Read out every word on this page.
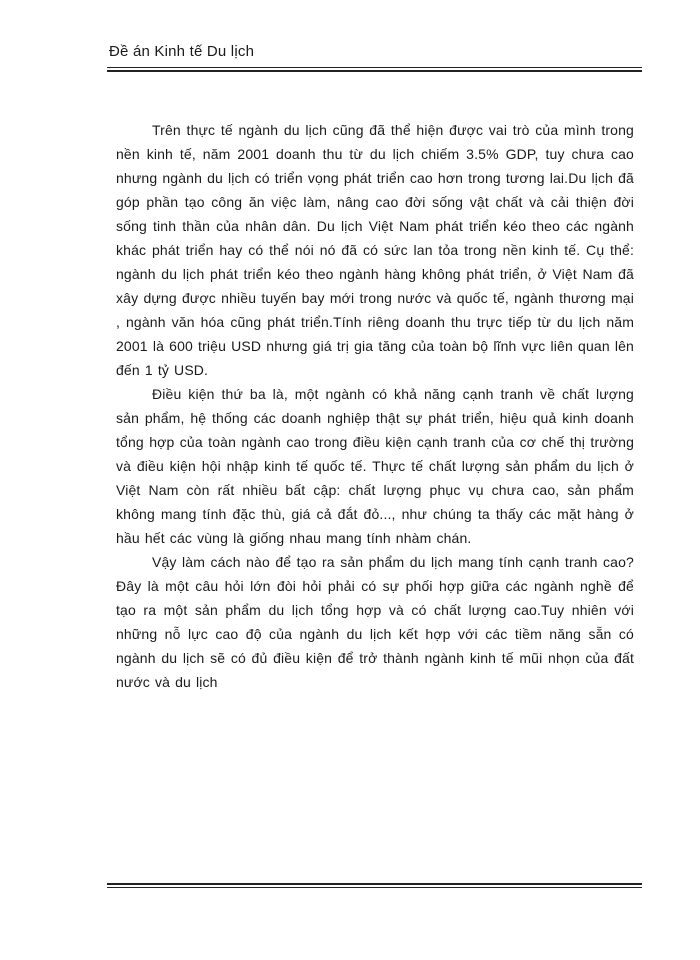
Đề án Kinh tế Du lịch

Trên thực tế ngành du lịch cũng đã thể hiện được vai trò của mình trong nền kinh tế, năm 2001 doanh thu từ du lịch chiếm 3.5% GDP, tuy chưa cao nhưng ngành du lịch có triển vọng phát triển cao hơn trong tương lai.Du lịch đã góp phần tạo công ăn việc làm, nâng cao đời sống vật chất và cải thiện đời sống tinh thần của nhân dân. Du lịch Việt Nam phát triển kéo theo các ngành khác phát triển hay có thể nói nó đã có sức lan tỏa trong nền kinh tế. Cụ thể: ngành du lịch phát triển kéo theo ngành hàng không phát triển, ở Việt Nam đã xây dựng được nhiều tuyến bay mới trong nước và quốc tế, ngành thương mại , ngành văn hóa cũng phát triển.Tính riêng doanh thu trực tiếp từ du lịch năm 2001 là 600 triệu USD nhưng giá trị gia tăng của toàn bộ lĩnh vực liên quan lên đến 1 tỷ USD.

Điều kiện thứ ba là, một ngành có khả năng cạnh tranh về chất lượng sản phẩm, hệ thống các doanh nghiệp thật sự phát triển, hiệu quả kinh doanh tổng hợp của toàn ngành cao trong điều kiện cạnh tranh của cơ chế thị trường và điều kiện hội nhập kinh tế quốc tế. Thực tế chất lượng sản phẩm du lịch ở Việt Nam còn rất nhiều bất cập: chất lượng phục vụ chưa cao, sản phẩm không mang tính đặc thù, giá cả đắt đỏ..., như chúng ta thấy các mặt hàng ở hầu hết các vùng là giống nhau mang tính nhàm chán.

Vậy làm cách nào để tạo ra sản phẩm du lịch mang tính cạnh tranh cao? Đây là một câu hỏi lớn đòi hỏi phải có sự phối hợp giữa các ngành nghề để tạo ra một sản phẩm du lịch tổng hợp và có chất lượng cao.Tuy nhiên với những nỗ lực cao độ của ngành du lịch kết hợp với các tiềm năng sẵn có ngành du lịch sẽ có đủ điều kiện để trở thành ngành kinh tế mũi nhọn của đất nước và du lịch
